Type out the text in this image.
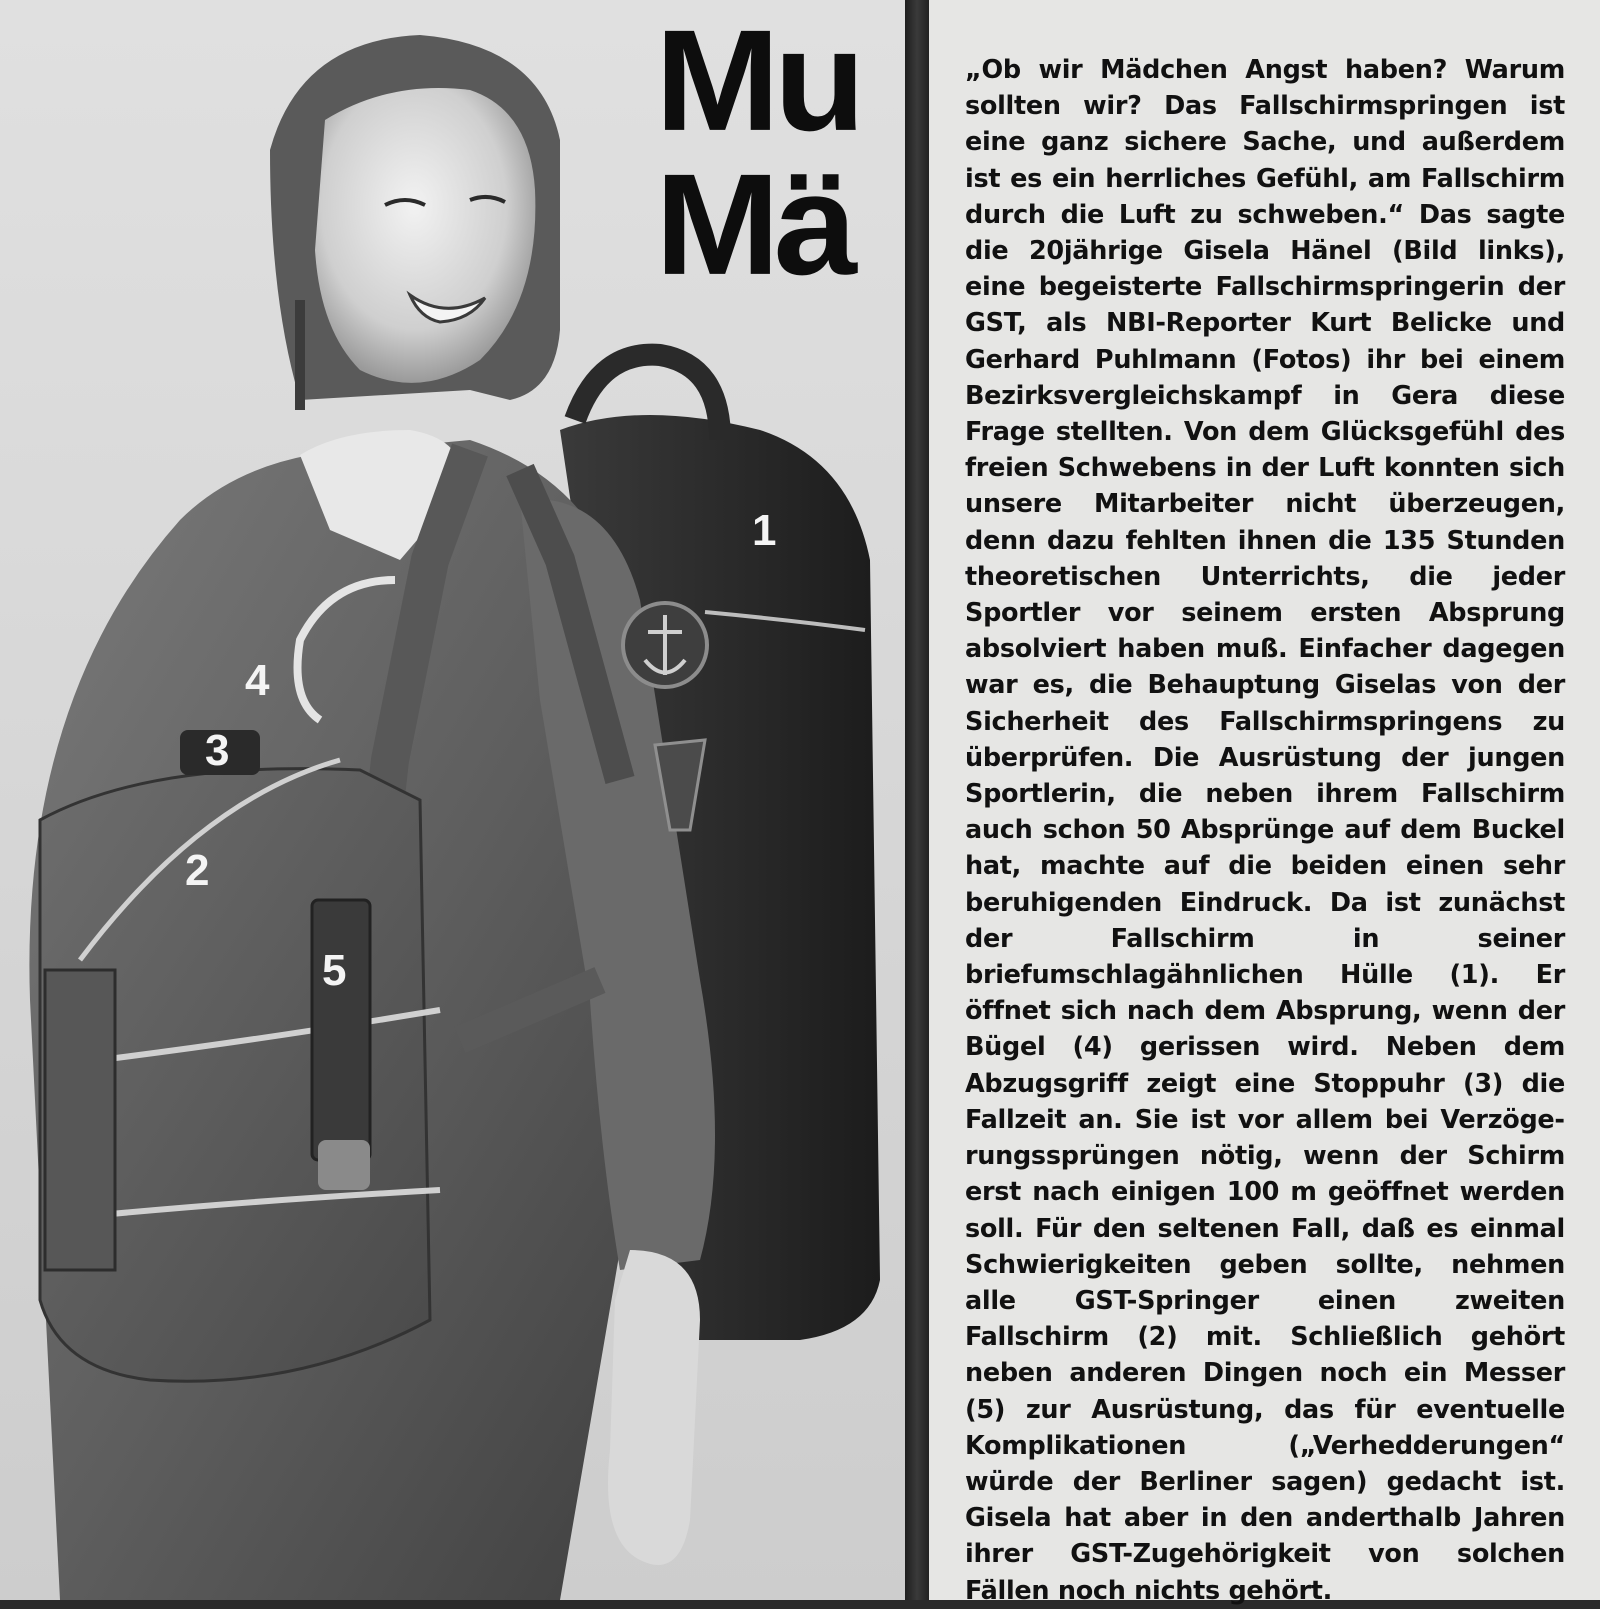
1
2
3
4
5
Mu
Mä

„Ob wir Mädchen Angst haben? Warum sollten wir? Das Fallschirmspringen ist eine ganz sichere Sache, und außerdem ist es ein herrliches Gefühl, am Fallschirm durch die Luft zu schweben.“ Das sagte die 20jährige Gisela Hänel (Bild links), eine begeisterte Fallschirmspringerin der GST, als NBI-Reporter Kurt Belicke und Gerhard Puhlmann (Fotos) ihr bei einem Bezirksvergleichskampf in Gera diese Frage stellten. Von dem Glücksgefühl des freien Schwebens in der Luft konnten sich unsere Mitarbeiter nicht überzeugen, denn dazu fehlten ihnen die 135 Stunden theoretischen Unterrichts, die jeder Sportler vor seinem ersten Absprung absolviert haben muß. Einfacher dagegen war es, die Behauptung Giselas von der Sicherheit des Fallschirmspringens zu überprüfen. Die Ausrüstung der jungen Sportlerin, die neben ihrem Fallschirm auch schon 50 Absprünge auf dem Buckel hat, machte auf die beiden einen sehr beruhigenden Eindruck. Da ist zunächst der Fallschirm in seiner briefumschlagähnlichen Hülle (1). Er öffnet sich nach dem Absprung, wenn der Bügel (4) gerissen wird. Neben dem Abzugsgriff zeigt eine Stoppuhr (3) die Fallzeit an. Sie ist vor allem bei Verzögerungssprüngen nötig, wenn der Schirm erst nach einigen 100 m geöffnet werden soll. Für den seltenen Fall, daß es einmal Schwierigkeiten geben sollte, nehmen alle GST-Springer einen zweiten Fallschirm (2) mit. Schließlich gehört neben anderen Dingen noch ein Messer (5) zur Ausrüstung, das für eventuelle Komplikationen („Verhedderungen“ würde der Berliner sagen) gedacht ist. Gisela hat aber in den anderthalb Jahren ihrer GST-Zugehörigkeit von solchen Fällen noch nichts gehört.
